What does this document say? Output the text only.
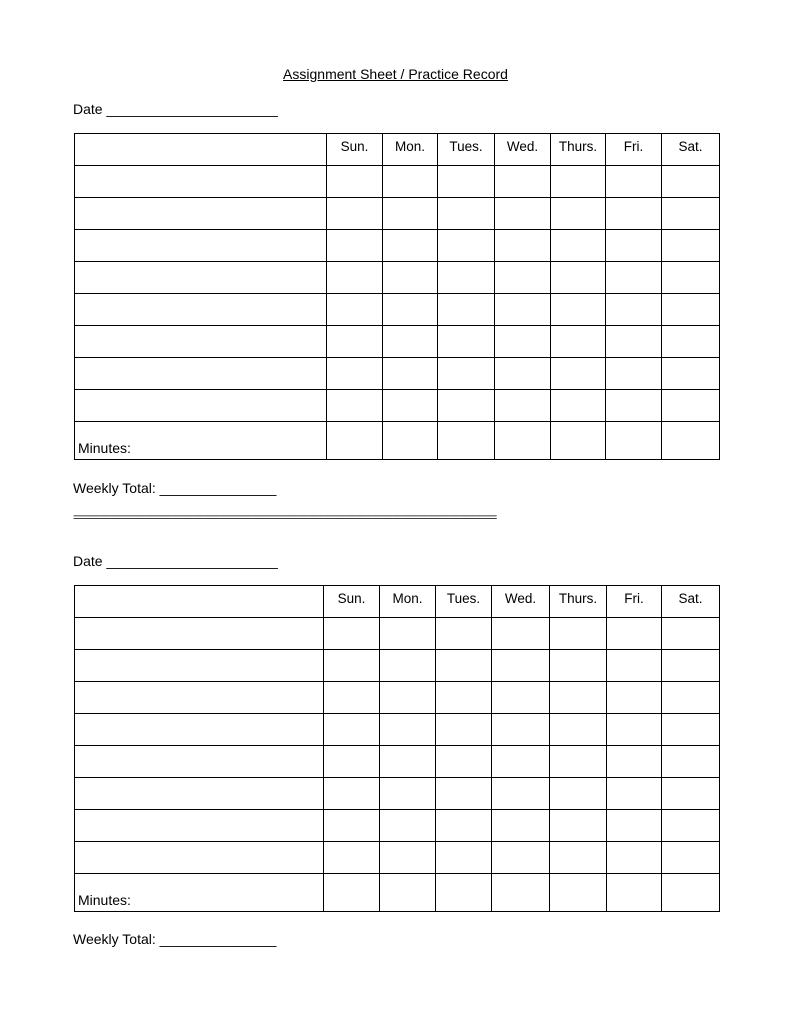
Assignment Sheet / Practice Record
Date ______________________
	Sun.	Mon.	Tues.	Wed.	Thurs.	Fri.	Sat.

Minutes:							
Weekly Total: _______________
=================================================================================
Date ______________________
	Sun.	Mon.	Tues.	Wed.	Thurs.	Fri.	Sat.

Minutes:							
Weekly Total: _______________
